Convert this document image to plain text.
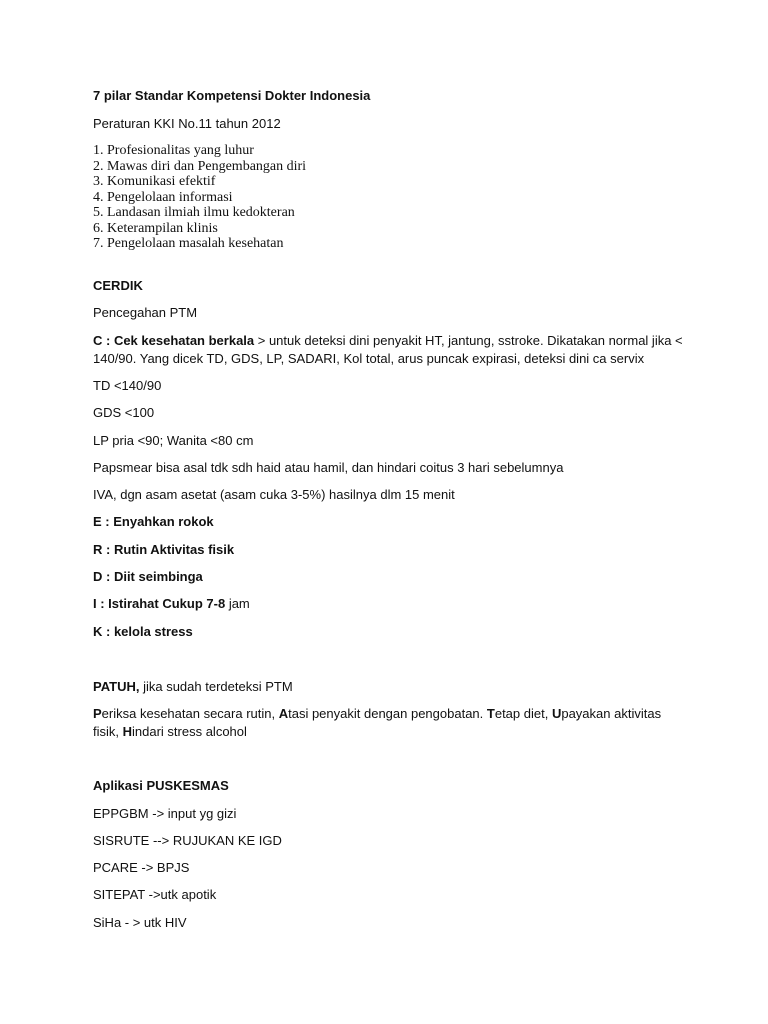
7 pilar Standar Kompetensi Dokter Indonesia
Peraturan KKI No.11 tahun 2012
1. Profesionalitas yang luhur
2. Mawas diri dan Pengembangan diri
3. Komunikasi efektif
4. Pengelolaan informasi
5. Landasan ilmiah ilmu kedokteran
6. Keterampilan klinis
7. Pengelolaan masalah kesehatan
CERDIK
Pencegahan PTM
C : Cek kesehatan berkala > untuk deteksi dini penyakit HT, jantung, sstroke. Dikatakan normal jika <
140/90. Yang dicek TD, GDS, LP, SADARI, Kol total, arus puncak expirasi, deteksi dini ca servix
TD <140/90
GDS <100
LP pria <90; Wanita <80 cm
Papsmear bisa asal tdk sdh haid atau hamil, dan hindari coitus 3 hari sebelumnya
IVA, dgn asam asetat (asam cuka 3-5%) hasilnya dlm 15 menit
E : Enyahkan rokok
R : Rutin Aktivitas fisik
D : Diit seimbinga
I : Istirahat Cukup 7-8 jam
K : kelola stress
PATUH, jika sudah terdeteksi PTM
Periksa kesehatan secara rutin, Atasi penyakit dengan pengobatan. Tetap diet, Upayakan aktivitas
fisik, Hindari stress alcohol
Aplikasi PUSKESMAS
EPPGBM -> input yg gizi
SISRUTE --> RUJUKAN KE IGD
PCARE -> BPJS
SITEPAT ->utk apotik
SiHa - > utk HIV
